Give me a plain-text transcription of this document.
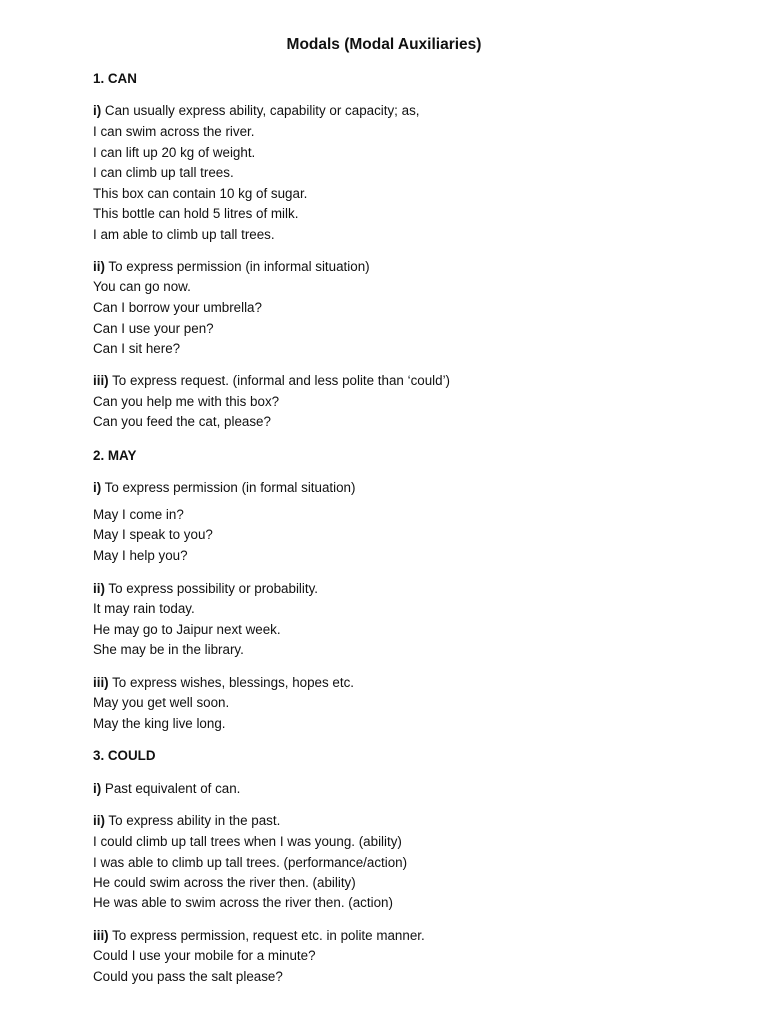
Modals (Modal Auxiliaries)
1. CAN
i) Can usually express ability, capability or capacity; as,
I can swim across the river.
I can lift up 20 kg of weight.
I can climb up tall trees.
This box can contain 10 kg of sugar.
This bottle can hold 5 litres of milk.
I am able to climb up tall trees.
ii) To express permission (in informal situation)
You can go now.
Can I borrow your umbrella?
Can I use your pen?
Can I sit here?
iii) To express request. (informal and less polite than ‘could’)
Can you help me with this box?
Can you feed the cat, please?
2. MAY
i) To express permission (in formal situation)
May I come in?
May I speak to you?
May I help you?
ii) To express possibility or probability.
It may rain today.
He may go to Jaipur next week.
She may be in the library.
iii) To express wishes, blessings, hopes etc.
May you get well soon.
May the king live long.
3. COULD
i) Past equivalent of can.
ii) To express ability in the past.
I could climb up tall trees when I was young. (ability)
I was able to climb up tall trees. (performance/action)
He could swim across the river then. (ability)
He was able to swim across the river then. (action)
iii) To express permission, request etc. in polite manner.
Could I use your mobile for a minute?
Could you pass the salt please?
